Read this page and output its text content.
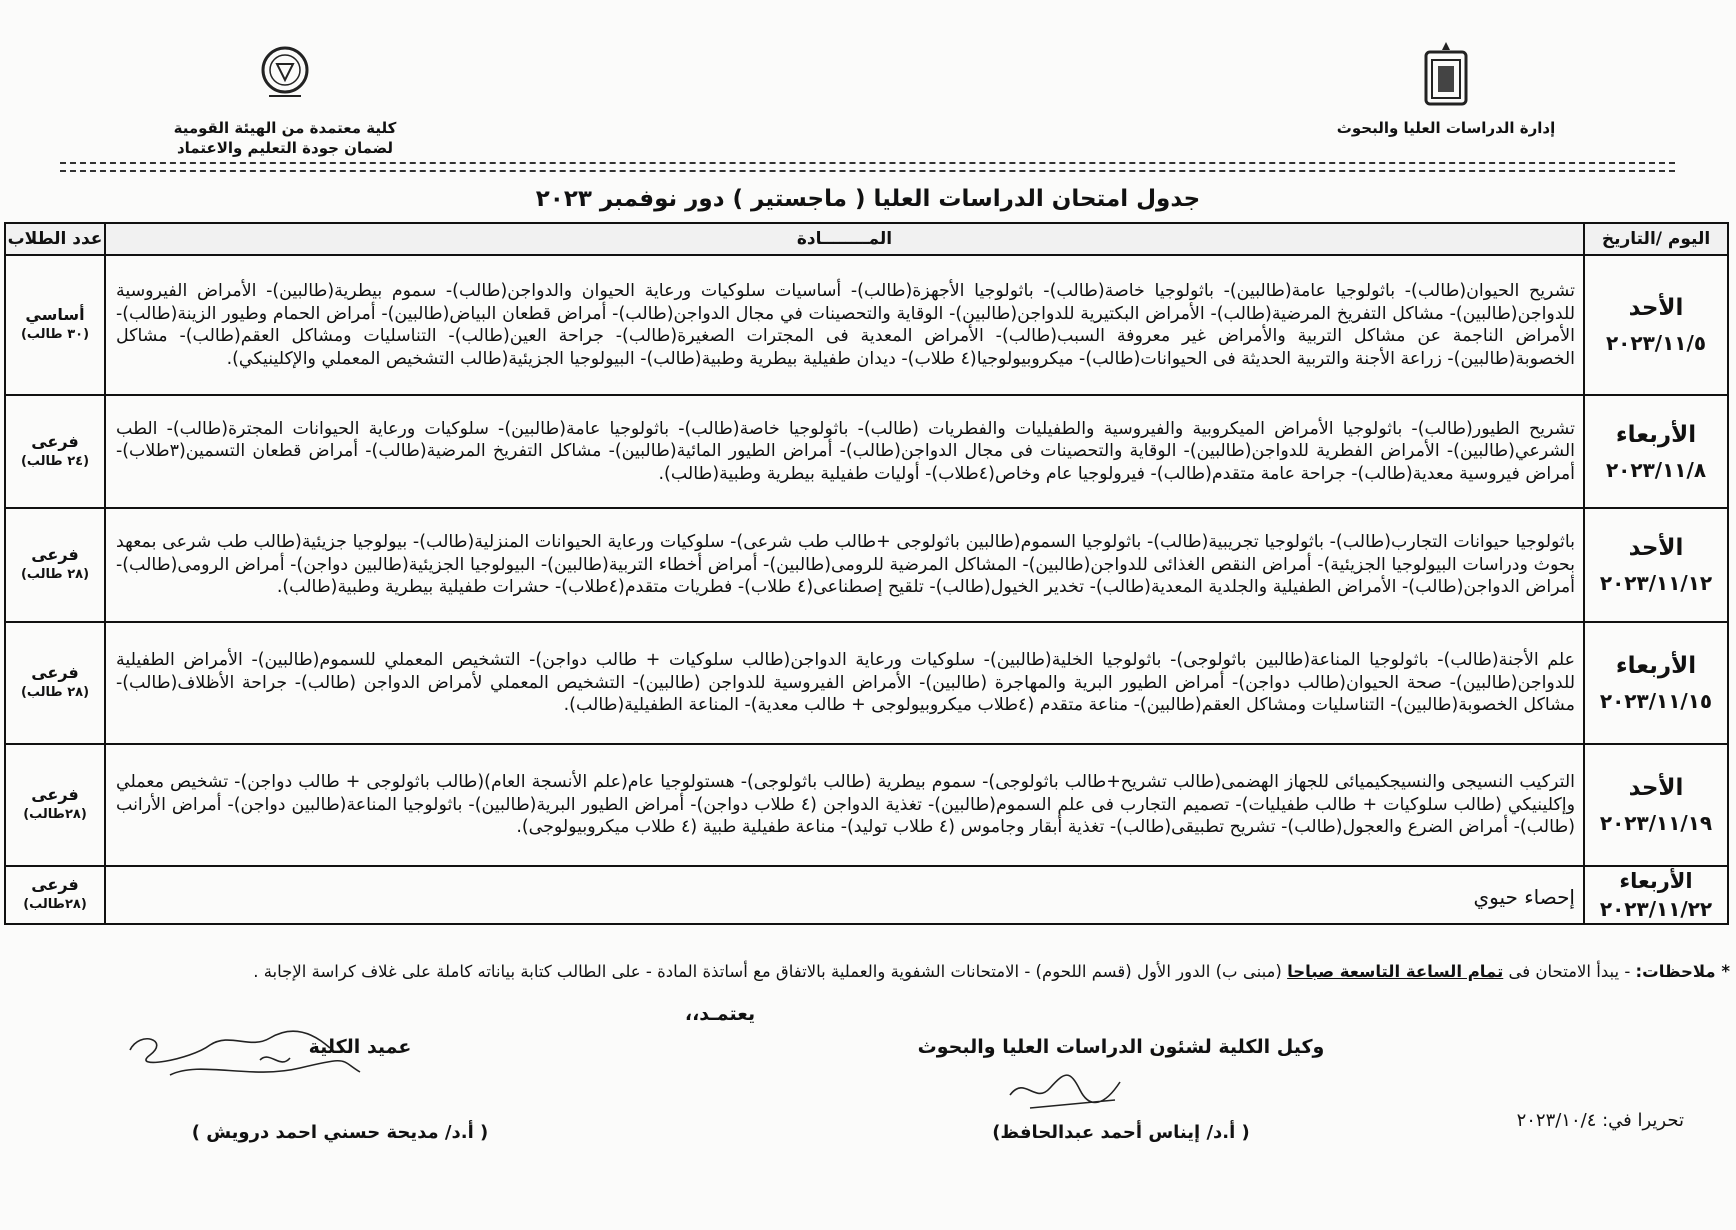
إدارة الدراسات العليا والبحوث
كلية معتمدة من الهيئة القومية
لضمان جودة التعليم والاعتماد
جدول امتحان الدراسات العليا ( ماجستير ) دور نوفمبر ٢٠٢٣
اليوم /التاريخ	المــــــــادة	عدد الطلاب

الأحد
٢٠٢٣/١١/٥	تشريح الحيوان(طالب)- باثولوجيا عامة(طالبين)- باثولوجيا خاصة(طالب)- باثولوجيا الأجهزة(طالب)- أساسيات سلوكيات ورعاية الحيوان والدواجن(طالب)- سموم بيطرية(طالبين)- الأمراض الفيروسية للدواجن(طالبين)- مشاكل التفريخ المرضية(طالب)- الأمراض البكتيرية للدواجن(طالبين)- الوقاية والتحصينات في مجال الدواجن(طالب)- أمراض قطعان البياض(طالبين)- أمراض الحمام وطيور الزينة(طالب)- الأمراض الناجمة عن مشاكل التربية والأمراض غير معروفة السبب(طالب)- الأمراض المعدية فى المجترات الصغيرة(طالب)- جراحة العين(طالب)- التناسليات ومشاكل العقم(طالب)- مشاكل الخصوبة(طالبين)- زراعة الأجنة والتربية الحديثة فى الحيوانات(طالب)- ميكروبيولوجيا(٤ طلاب)- ديدان طفيلية بيطرية وطبية(طالب)- البيولوجيا الجزيئية(طالب التشخيص المعملي والإكلينيكي).	أساسي
(٣٠ طالب)

الأربعاء
٢٠٢٣/١١/٨	تشريح الطيور(طالب)- باثولوجيا الأمراض الميكروبية والفيروسية والطفيليات والفطريات (طالب)- باثولوجيا خاصة(طالب)- باثولوجيا عامة(طالبين)- سلوكيات ورعاية الحيوانات المجترة(طالب)- الطب الشرعي(طالبين)- الأمراض الفطرية للدواجن(طالبين)- الوقاية والتحصينات فى مجال الدواجن(طالب)- أمراض الطيور المائية(طالبين)- مشاكل التفريخ المرضية(طالب)- أمراض قطعان التسمين(٣طلاب)- أمراض فيروسية معدية(طالب)- جراحة عامة متقدم(طالب)- فيرولوجيا عام وخاص(٤طلاب)- أوليات طفيلية بيطرية وطبية(طالب).	فرعى
(٢٤ طالب)

الأحد
٢٠٢٣/١١/١٢	باثولوجيا حيوانات التجارب(طالب)- باثولوجيا تجريبية(طالب)- باثولوجيا السموم(طالبين باثولوجى +طالب طب شرعى)- سلوكيات ورعاية الحيوانات المنزلية(طالب)- بيولوجيا جزيئية(طالب طب شرعى بمعهد بحوث ودراسات البيولوجيا الجزيئية)- أمراض النقص الغذائى للدواجن(طالبين)- المشاكل المرضية للرومى(طالبين)- أمراض أخطاء التربية(طالبين)- البيولوجيا الجزيئية(طالبين دواجن)- أمراض الرومى(طالب)- أمراض الدواجن(طالب)- الأمراض الطفيلية والجلدية المعدية(طالب)- تخدير الخيول(طالب)- تلقيح إصطناعى(٤ طلاب)- فطريات متقدم(٤طلاب)- حشرات طفيلية بيطرية وطبية(طالب).	فرعى
(٢٨ طالب)

الأربعاء
٢٠٢٣/١١/١٥	علم الأجنة(طالب)- باثولوجيا المناعة(طالبين باثولوجى)- باثولوجيا الخلية(طالبين)- سلوكيات ورعاية الدواجن(طالب سلوكيات + طالب دواجن)- التشخيص المعملي للسموم(طالبين)- الأمراض الطفيلية للدواجن(طالبين)- صحة الحيوان(طالب دواجن)- أمراض الطيور البرية والمهاجرة (طالبين)- الأمراض الفيروسية للدواجن (طالبين)- التشخيص المعملي لأمراض الدواجن (طالب)- جراحة الأظلاف(طالب)- مشاكل الخصوبة(طالبين)- التناسليات ومشاكل العقم(طالبين)- مناعة متقدم (٤طلاب ميكروبيولوجى + طالب معدية)- المناعة الطفيلية(طالب).	فرعى
(٢٨ طالب)

الأحد
٢٠٢٣/١١/١٩	التركيب النسيجى والنسيجكيميائى للجهاز الهضمى(طالب تشريح+طالب باثولوجى)- سموم بيطرية (طالب باثولوجى)- هستولوجيا عام(علم الأنسجة العام)(طالب باثولوجى + طالب دواجن)- تشخيص معملي وإكلينيكي (طالب سلوكيات + طالب طفيليات)- تصميم التجارب فى علم السموم(طالبين)- تغذية الدواجن (٤ طلاب دواجن)- أمراض الطيور البرية(طالبين)- باثولوجيا المناعة(طالبين دواجن)- أمراض الأرانب (طالب)- أمراض الضرع والعجول(طالب)- تشريح تطبيقى(طالب)- تغذية أبقار وجاموس (٤ طلاب توليد)- مناعة طفيلية طبية (٤ طلاب ميكروبيولوجى).	فرعى
(٢٨طالب)

الأربعاء
٢٠٢٣/١١/٢٢	إحصاء حيوي	فرعى
(٢٨طالب)
* ملاحظات: - يبدأ الامتحان فى تمام الساعة التاسعة صباحا (مبنى ب) الدور الأول (قسم اللحوم) - الامتحانات الشفوية والعملية بالاتفاق مع أساتذة المادة - على الطالب كتابة بياناته كاملة على غلاف كراسة الإجابة .
يعتمـد،،
وكيل الكلية لشئون الدراسات العليا والبحوث
( أ.د/ إيناس أحمد عبدالحافظ)
عميد الكلية
( أ.د/ مديحة حسني احمد درويش )
تحريرا في: ٢٠٢٣/١٠/٤
